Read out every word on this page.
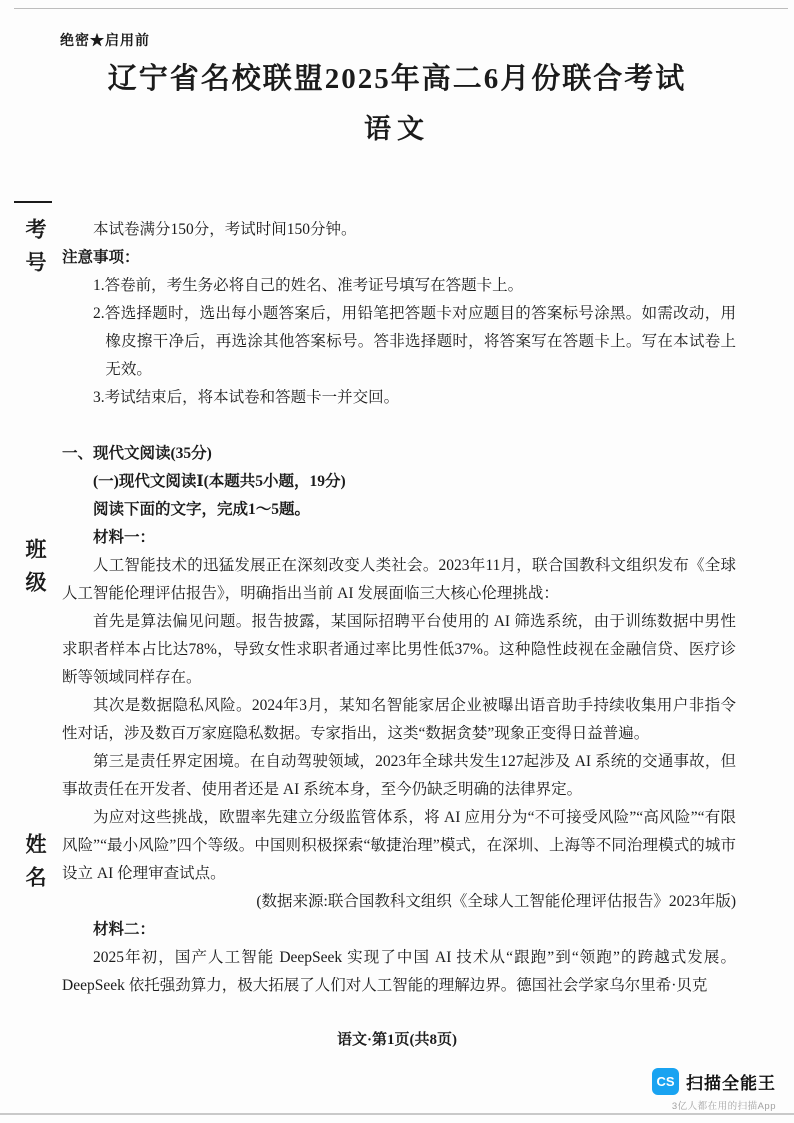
绝密★启用前
辽宁省名校联盟2025年高二6月份联合考试
语文
考号
班级
姓名

本试卷满分150分，考试时间150分钟。

注意事项：

1.答卷前，考生务必将自己的姓名、准考证号填写在答题卡上。

2.答选择题时，选出每小题答案后，用铅笔把答题卡对应题目的答案标号涂黑。如需改动，用橡皮擦干净后，再选涂其他答案标号。答非选择题时，将答案写在答题卡上。写在本试卷上无效。

3.考试结束后，将本试卷和答题卡一并交回。

一、现代文阅读(35分)

(一)现代文阅读Ⅰ(本题共5小题，19分)

阅读下面的文字，完成1～5题。

材料一：

人工智能技术的迅猛发展正在深刻改变人类社会。2023年11月，联合国教科文组织发布《全球人工智能伦理评估报告》，明确指出当前 AI 发展面临三大核心伦理挑战：

首先是算法偏见问题。报告披露，某国际招聘平台使用的 AI 筛选系统，由于训练数据中男性求职者样本占比达78%，导致女性求职者通过率比男性低37%。这种隐性歧视在金融信贷、医疗诊断等领域同样存在。

其次是数据隐私风险。2024年3月，某知名智能家居企业被曝出语音助手持续收集用户非指令性对话，涉及数百万家庭隐私数据。专家指出，这类“数据贪婪”现象正变得日益普遍。

第三是责任界定困境。在自动驾驶领域，2023年全球共发生127起涉及 AI 系统的交通事故，但事故责任在开发者、使用者还是 AI 系统本身，至今仍缺乏明确的法律界定。

为应对这些挑战，欧盟率先建立分级监管体系，将 AI 应用分为“不可接受风险”“高风险”“有限风险”“最小风险”四个等级。中国则积极探索“敏捷治理”模式，在深圳、上海等不同治理模式的城市设立 AI 伦理审查试点。

(数据来源:联合国教科文组织《全球人工智能伦理评估报告》2023年版)

材料二：

2025年初，国产人工智能 DeepSeek 实现了中国 AI 技术从“跟跑”到“领跑”的跨越式发展。DeepSeek 依托强劲算力，极大拓展了人们对人工智能的理解边界。德国社会学家乌尔里希·贝克

语文·第1页(共8页)
CS 扫描全能王
3亿人都在用的扫描App
